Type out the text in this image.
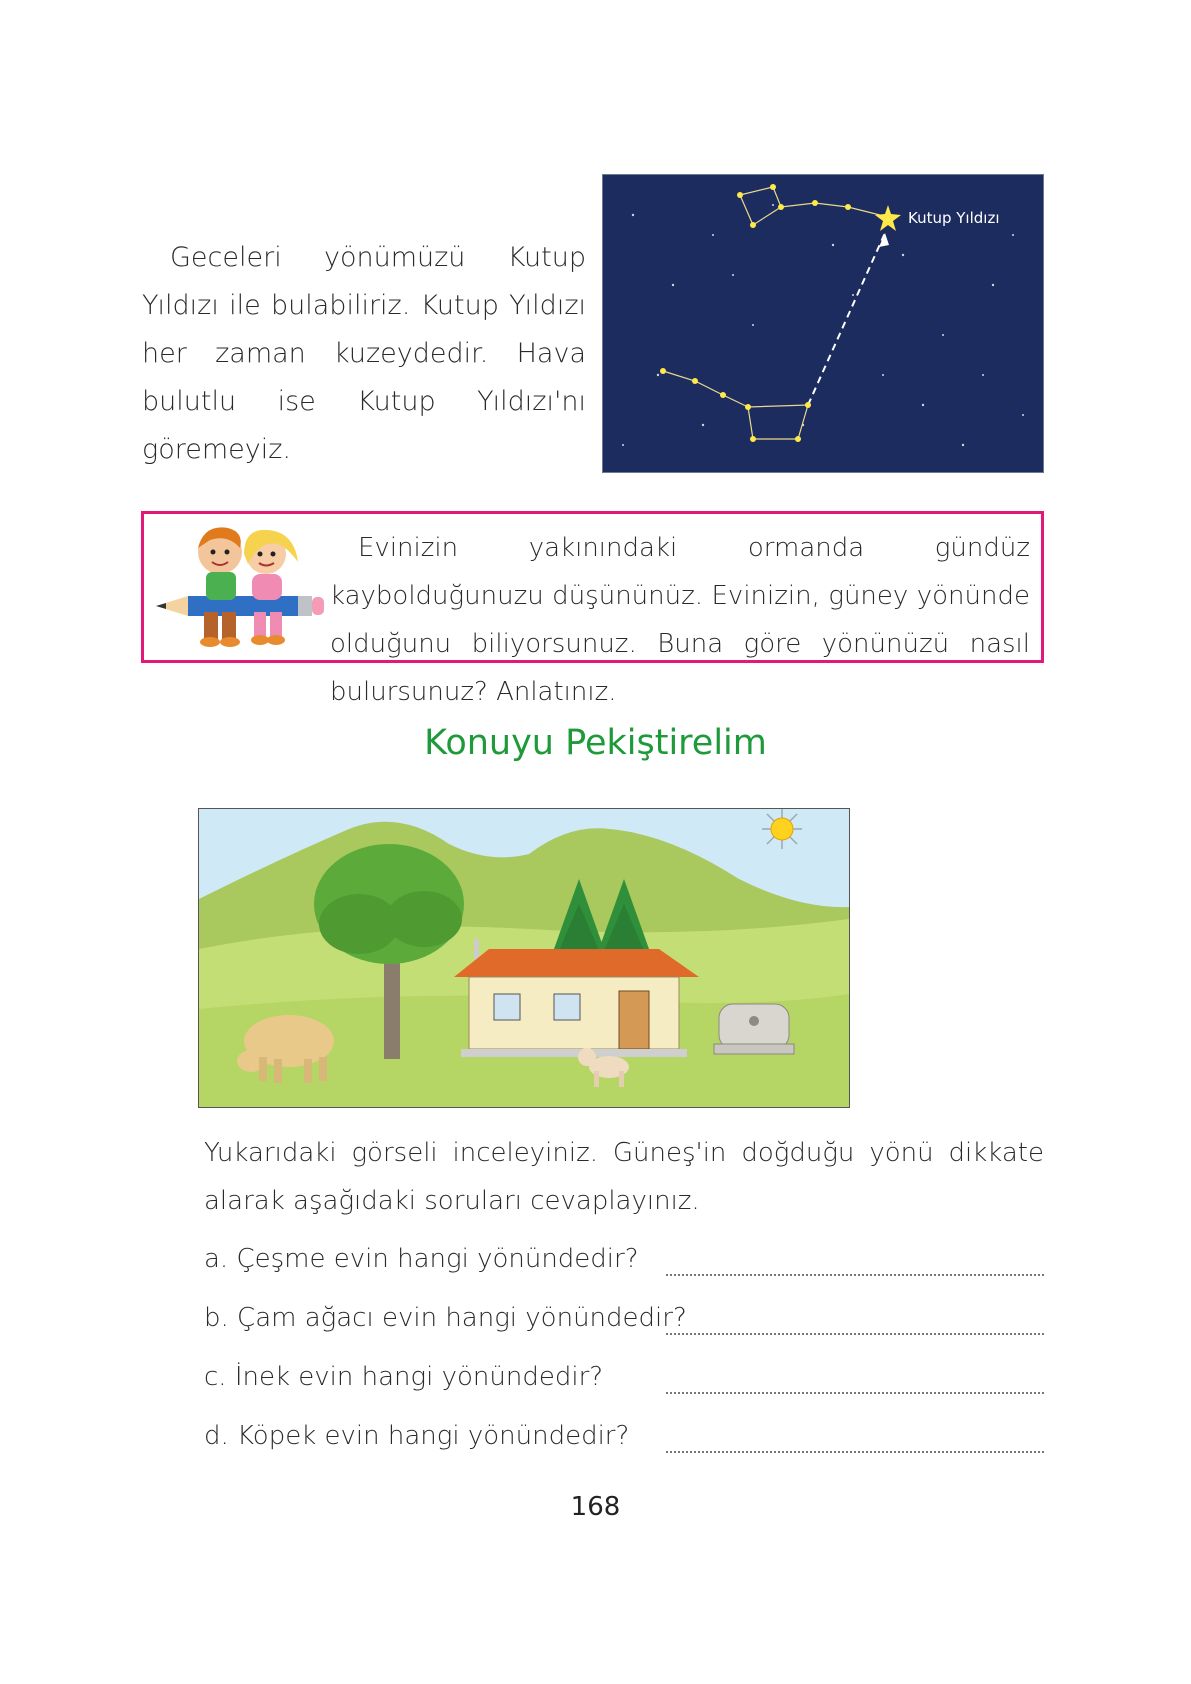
Geceleri yönümüzü Kutup Yıldızı ile bulabiliriz. Kutup Yıldızı her zaman kuzeydedir. Hava bulutlu ise Kutup Yıldızı'nı göremeyiz.

Kutup Yıldızı

Evinizin yakınındaki ormanda gündüz kaybolduğunuzu düşününüz. Evinizin, güney yönünde olduğunu biliyorsunuz. Buna göre yönünüzü nasıl bulursunuz? Anlatınız.

Konuyu Pekiştirelim

Yukarıdaki görseli inceleyiniz. Güneş'in doğduğu yönü dikkate alarak aşağıdaki soruları cevaplayınız.

a. Çeşme evin hangi yönündedir?
b. Çam ağacı evin hangi yönündedir?
c. İnek evin hangi yönündedir?
d. Köpek evin hangi yönündedir?
168
